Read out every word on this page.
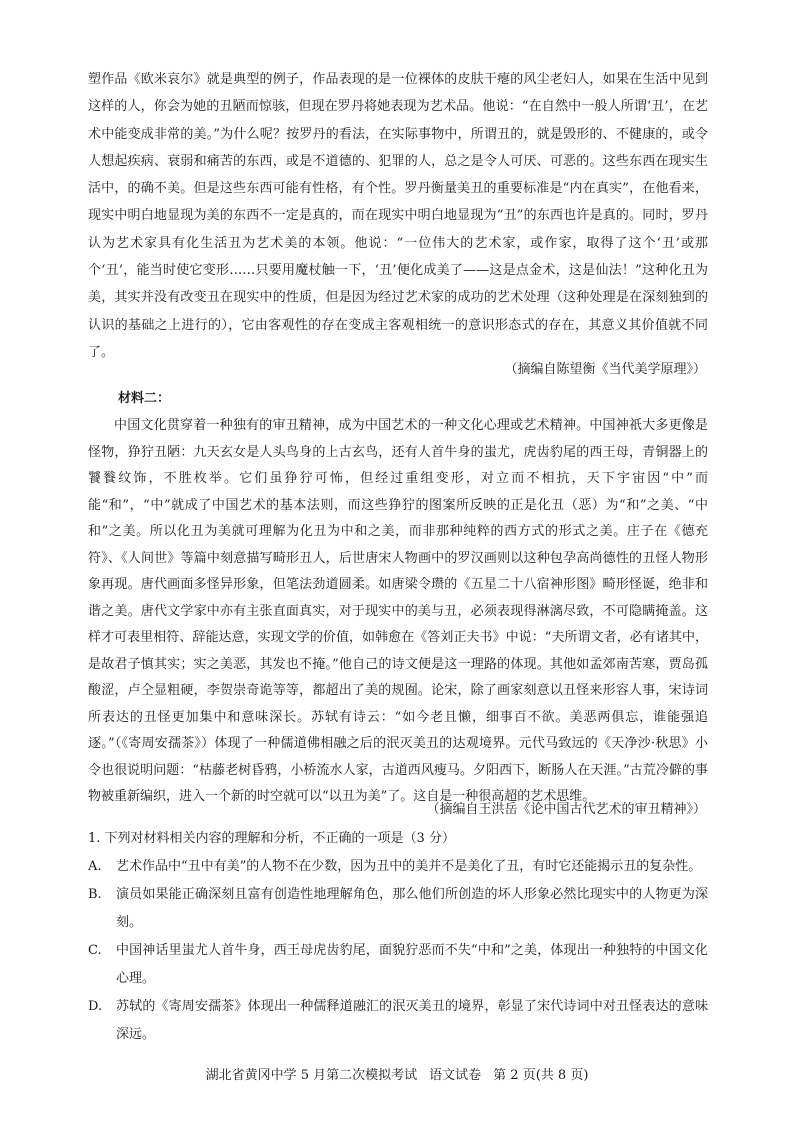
塑作品《欧米哀尔》就是典型的例子，作品表现的是一位裸体的皮肤干瘪的风尘老妇人，如果在生活中见到这样的人，你会为她的丑陋而惊骇，但现在罗丹将她表现为艺术品。他说：“在自然中一般人所谓‘丑’，在艺术中能变成非常的美。”为什么呢？按罗丹的看法，在实际事物中，所谓丑的，就是毁形的、不健康的，或令人想起疾病、衰弱和痛苦的东西，或是不道德的、犯罪的人，总之是令人可厌、可恶的。这些东西在现实生活中，的确不美。但是这些东西可能有性格，有个性。罗丹衡量美丑的重要标准是“内在真实”，在他看来，现实中明白地显现为美的东西不一定是真的，而在现实中明白地显现为“丑”的东西也许是真的。同时，罗丹认为艺术家具有化生活丑为艺术美的本领。他说：“一位伟大的艺术家，或作家，取得了这个‘丑’或那个‘丑’，能当时使它变形……只要用魔杖触一下，‘丑’便化成美了——这是点金术，这是仙法！”这种化丑为美，其实并没有改变丑在现实中的性质，但是因为经过艺术家的成功的艺术处理（这种处理是在深刻独到的认识的基础之上进行的），它由客观性的存在变成主客观相统一的意识形态式的存在，其意义其价值就不同了。
（摘编自陈望衡《当代美学原理》）
材料二：
中国文化贯穿着一种独有的审丑精神，成为中国艺术的一种文化心理或艺术精神。中国神祇大多更像是怪物，狰狞丑陋：九天玄女是人头鸟身的上古玄鸟，还有人首牛身的蚩尤，虎齿豹尾的西王母，青铜器上的饕餮纹饰，不胜枚举。它们虽狰狞可怖，但经过重组变形，对立而不相抗，天下宇宙因“中”而能“和”，“中”就成了中国艺术的基本法则，而这些狰狞的图案所反映的正是化丑（恶）为“和”之美、“中和”之美。所以化丑为美就可理解为化丑为中和之美，而非那种纯粹的西方式的形式之美。庄子在《德充符》、《人间世》等篇中刻意描写畸形丑人，后世唐宋人物画中的罗汉画则以这种包孕高尚德性的丑怪人物形象再现。唐代画面多怪异形象，但笔法劲道圆柔。如唐梁令瓒的《五星二十八宿神形图》畸形怪诞，绝非和谐之美。唐代文学家中亦有主张直面真实，对于现实中的美与丑，必须表现得淋漓尽致，不可隐瞒掩盖。这样才可表里相符、辞能达意，实现文学的价值，如韩愈在《答刘正夫书》中说：“夫所谓文者，必有诸其中，是故君子慎其实；实之美恶，其发也不掩。”他自己的诗文便是这一理路的体现。其他如孟郊南苦寒，贾岛孤酸涩，卢仝显粗硬，李贺崇奇诡等等，都超出了美的规囿。论宋，除了画家刻意以丑怪来形容人事，宋诗词所表达的丑怪更加集中和意味深长。苏轼有诗云：“如今老且懒，细事百不欲。美恶两俱忘，谁能强追逐。”（《寄周安孺茶》）体现了一种儒道佛相融之后的泯灭美丑的达观境界。元代马致远的《天净沙·秋思》小令也很说明问题：“枯藤老树昏鸦，小桥流水人家，古道西风瘦马。夕阳西下，断肠人在天涯。”古荒冷僻的事物被重新编织，进入一个新的时空就可以“以丑为美”了。这自是一种很高超的艺术思维。
（摘编自王洪岳《论中国古代艺术的审丑精神》）
1. 下列对材料相关内容的理解和分析，不正确的一项是（3 分）
A.	艺术作品中“丑中有美”的人物不在少数，因为丑中的美并不是美化了丑，有时它还能揭示丑的复杂性。
B.	演员如果能正确深刻且富有创造性地理解角色，那么他们所创造的坏人形象必然比现实中的人物更为深刻。
C.	中国神话里蚩尤人首牛身，西王母虎齿豹尾，面貌狞恶而不失“中和”之美，体现出一种独特的中国文化心理。
D.	苏轼的《寄周安孺茶》体现出一种儒释道融汇的泯灭美丑的境界，彰显了宋代诗词中对丑怪表达的意味深远。
湖北省黄冈中学 5 月第二次模拟考试 语文试卷 第 2 页(共 8 页)
